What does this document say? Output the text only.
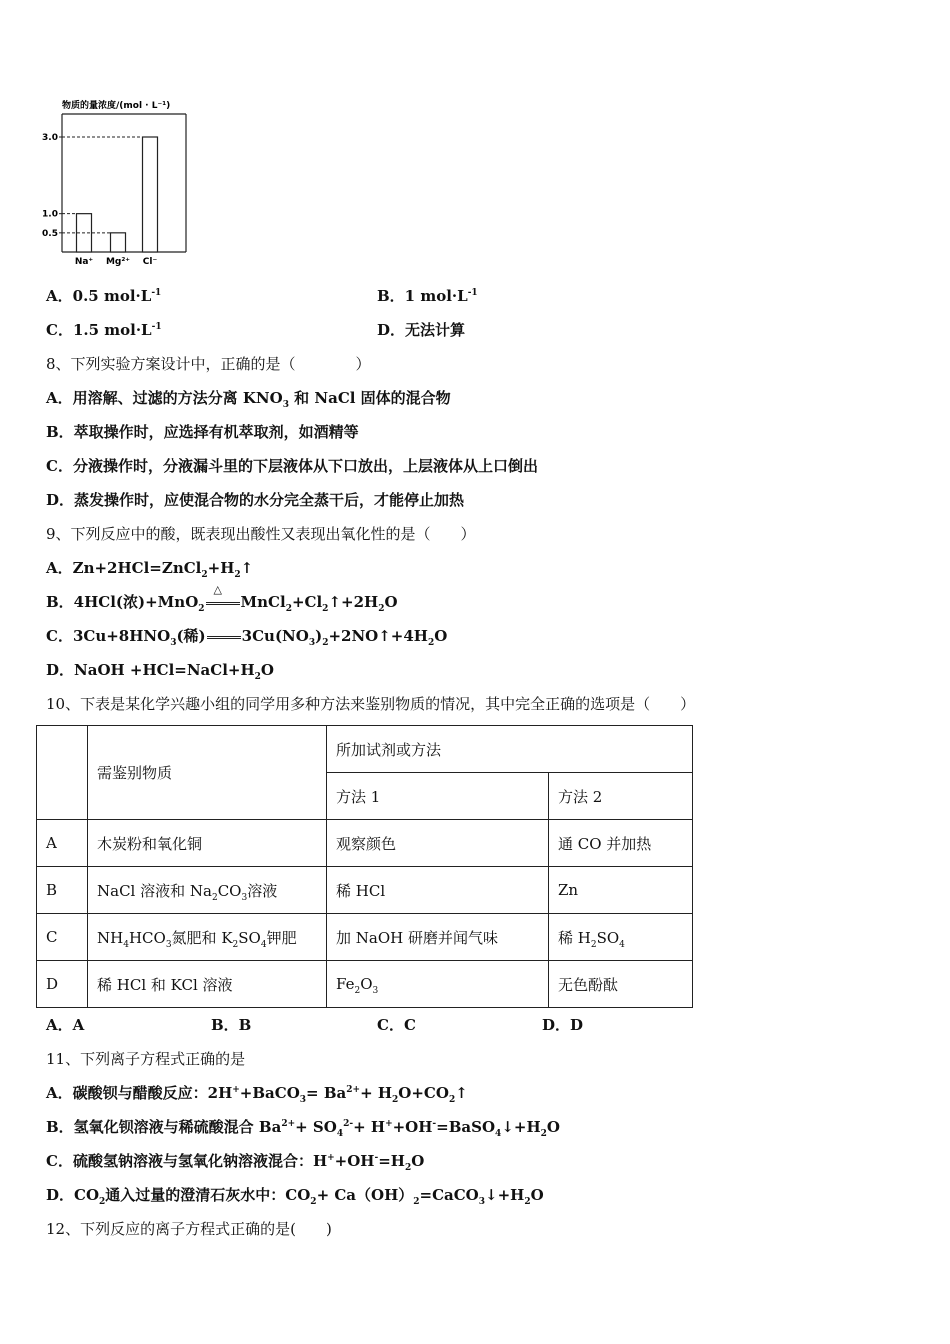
物质的量浓度/(mol · L⁻¹)
3.0
1.0
0.5
Na⁺ Mg²⁺ Cl⁻
A．0.5 $mol\cdot L^{-1}$	B．1 $mol\cdot L^{-1}$
C．1.5 $mol\cdot L^{-1}$	D．无法计算
8、下列实验方案设计中，正确的是（　　　　）
A．用溶解、过滤的方法分离 $KNO_3$ 和 NaCl 固体的混合物
B．萃取操作时，应选择有机萃取剂，如酒精等
C．分液操作时，分液漏斗里的下层液体从下口放出，上层液体从上口倒出
D．蒸发操作时，应使混合物的水分完全蒸干后，才能停止加热
9、下列反应中的酸，既表现出酸性又表现出氧化性的是（　　）
A．$Zn+2HCl=ZnCl_2+H_2↑$
B．4HCl(浓)+MnO$_2$
△
$MnCl_2+Cl_2↑+2H_2O$
C．$3Cu+8HNO_3$(稀) $3Cu(NO_3)_2+2NO↑+4H_2O$
D．NaOH $+HCl=NaCl+H_2O$
10、下表是某化学兴趣小组的同学用多种方法来鉴别物质的情况，其中完全正确的选项是（　　）
	需鉴别物质	所加试剂或方法	
		方法 1	方法 2
A	木炭粉和氧化铜	观察颜色	通 CO 并加热
B	NaCl 溶液和 $Na_2CO_3$溶液	稀 HCl	Zn
C	$NH_4HCO_3$氮肥和 $K_2SO_4$钾肥	加 NaOH 研磨并闻气味	稀 $H_2SO_4$
D	稀 HCl 和 KCl 溶液	$Fe_2O_3$	无色酚酞
A．A	B．B	C．C	D．D
11、下列离子方程式正确的是
A．碳酸钡与醋酸反应：2H++BaCO$_3$= $Ba^{2+}+$ $H_2O+CO_2↑$
B．氢氧化钡溶液与稀硫酸混合 $Ba^{2+}+ SO_4^{2-}+$ $H^++OH^-=BaSO_4↓+H_2O$
C．硫酸氢钠溶液与氢氧化钠溶液混合：$H^++OH^-=H_2O$
D．$CO_2$通入过量的澄清石灰水中：$CO_2+$ $Ca(OH)_2=CaCO_3↓+H_2O$
12、下列反应的离子方程式正确的是(　　)
